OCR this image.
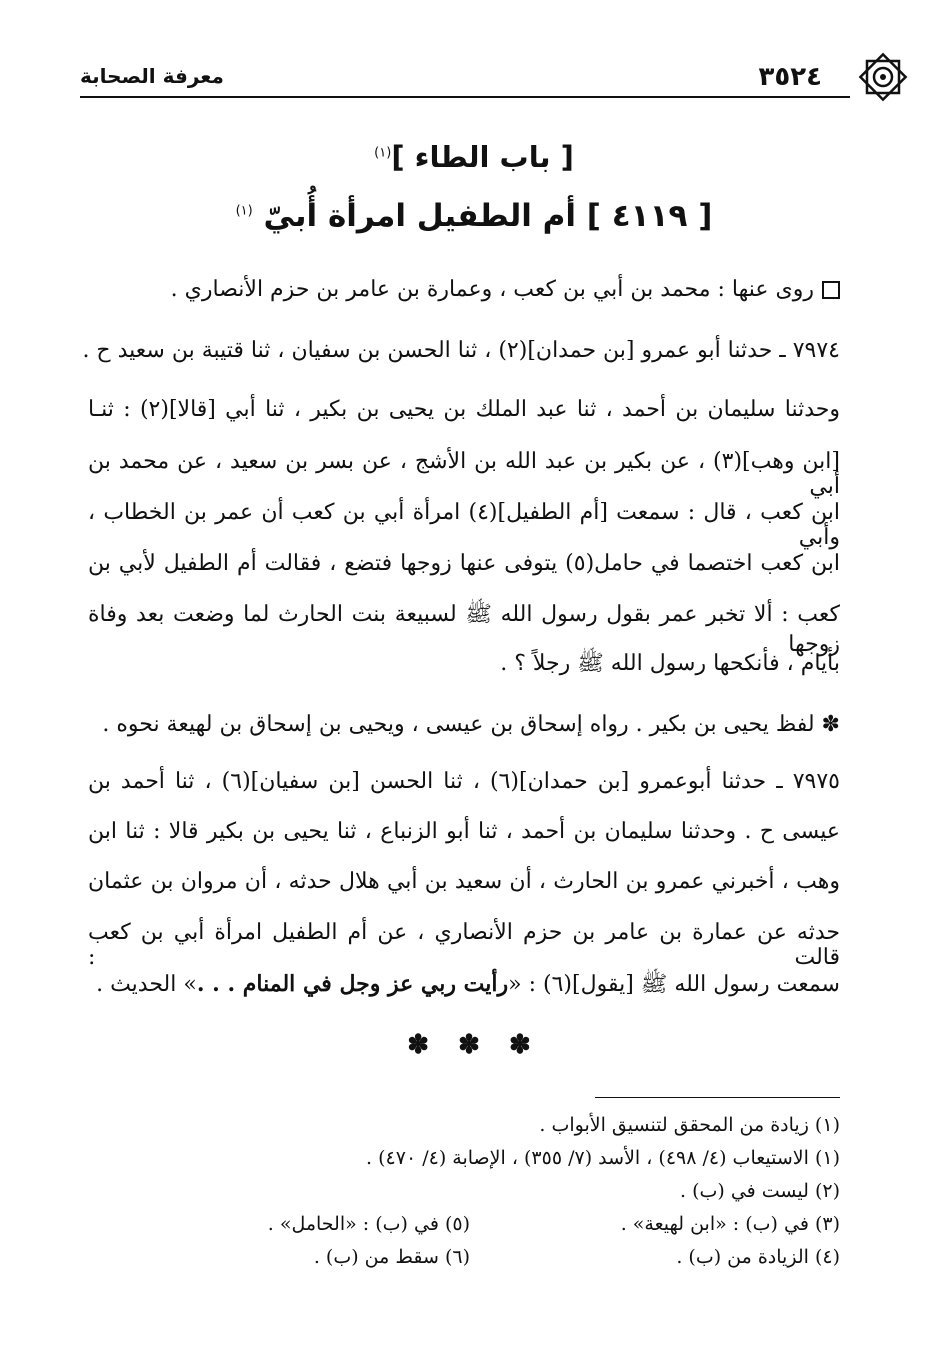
٣٥٢٤
معرفة الصحابة
[ باب الطاء ]$^{(١)}$
[ ٤١١٩ ] أم الطفيل امرأة أُبيّ $^{(١)}$
روى عنها : محمد بن أبي بن كعب ، وعمارة بن عامر بن حزم الأنصاري .
٧٩٧٤ ـ حدثنا أبو عمرو [بن حمدان](٢) ، ثنا الحسن بن سفيان ، ثنا قتيبة بن سعيد ح .
وحدثنا سليمان بن أحمد ، ثنا عبد الملك بن يحيى بن بكير ، ثنا أبي [قالا](٢) : ثنـا
[ابن وهب](٣) ، عن بكير بن عبد الله بن الأشج ، عن بسر بن سعيد ، عن محمد بن أبي
ابن كعب ، قال : سمعت [أم الطفيل](٤) امرأة أبي بن كعب أن عمر بن الخطاب ، وأبي
ابن كعب اختصما في حامل(٥) يتوفى عنها زوجها فتضع ، فقالت أم الطفيل لأبي بن
كعب : ألا تخبر عمر بقول رسول الله ﷺ لسبيعة بنت الحارث لما وضعت بعد وفاة زوجها
بأيام ، فأنكحها رسول الله ﷺ رجلاً ؟ .
✽ لفظ يحيى بن بكير . رواه إسحاق بن عيسى ، ويحيى بن إسحاق بن لهيعة نحوه .
٧٩٧٥ ـ حدثنا أبوعمرو [بن حمدان](٦) ، ثنا الحسن [بن سفيان](٦) ، ثنا أحمد بن
عيسى ح . وحدثنا سليمان بن أحمد ، ثنا أبو الزنباع ، ثنا يحيى بن بكير قالا : ثنا ابن
وهب ، أخبرني عمرو بن الحارث ، أن سعيد بن أبي هلال حدثه ، أن مروان بن عثمان
حدثه عن عمارة بن عامر بن حزم الأنصاري ، عن أم الطفيل امرأة أبي بن كعب قالت :
سمعت رسول الله ﷺ [يقول](٦) : «رأيت ربي عز وجل في المنام . . .» الحديث .
✽ ✽ ✽
(١) زيادة من المحقق لتنسيق الأبواب .
(١) الاستيعاب (٤/ ٤٩٨) ، الأسد (٧/ ٣٥٥) ، الإصابة (٤/ ٤٧٠) .
(٢) ليست في (ب) .
(٣) في (ب) : «ابن لهيعة» .
(٤) الزيادة من (ب) .
(٥) في (ب) : «الحامل» .
(٦) سقط من (ب) .
